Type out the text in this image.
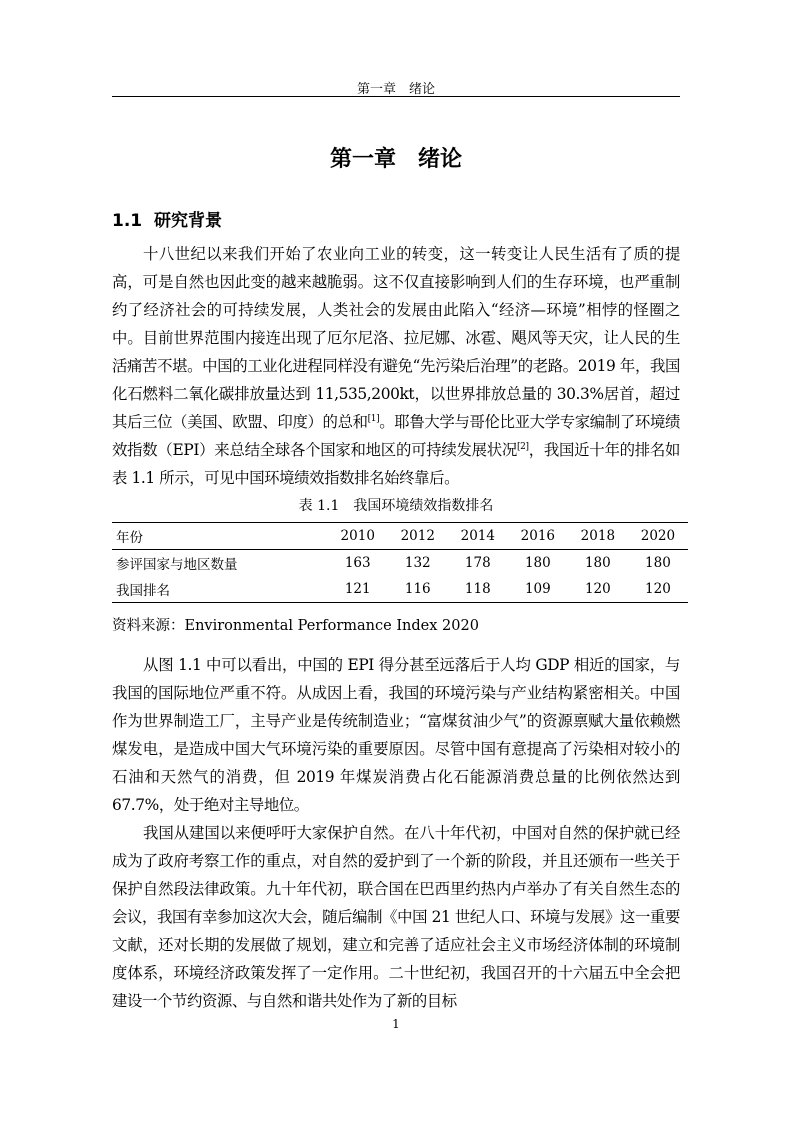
第一章　绪论
第一章　绪论
1.1 研究背景

十八世纪以来我们开始了农业向工业的转变，这一转变让人民生活有了质的提高，可是自然也因此变的越来越脆弱。这不仅直接影响到人们的生存环境，也严重制约了经济社会的可持续发展，人类社会的发展由此陷入“经济—环境”相悖的怪圈之中。目前世界范围内接连出现了厄尔尼洛、拉尼娜、冰雹、飓风等天灾，让人民的生活痛苦不堪。中国的工业化进程同样没有避免“先污染后治理”的老路。2019 年，我国化石燃料二氧化碳排放量达到 11,535,200kt，以世界排放总量的 30.3%居首，超过其后三位（美国、欧盟、印度）的总和[1]。耶鲁大学与哥伦比亚大学专家编制了环境绩效指数（EPI）来总结全球各个国家和地区的可持续发展状况[2]，我国近十年的排名如表 1.1 所示，可见中国环境绩效指数排名始终靠后。

表 1.1　我国环境绩效指数排名
年份	2010	2012	2014	2016	2018	2020
参评国家与地区数量	163	132	178	180	180	180
我国排名	121	116	118	109	120	120
资料来源：Environmental Performance Index 2020

从图 1.1 中可以看出，中国的 EPI 得分甚至远落后于人均 GDP 相近的国家，与我国的国际地位严重不符。从成因上看，我国的环境污染与产业结构紧密相关。中国作为世界制造工厂，主导产业是传统制造业；“富煤贫油少气”的资源禀赋大量依赖燃煤发电，是造成中国大气环境污染的重要原因。尽管中国有意提高了污染相对较小的石油和天然气的消费，但 2019 年煤炭消费占化石能源消费总量的比例依然达到 67.7%，处于绝对主导地位。

我国从建国以来便呼吁大家保护自然。在八十年代初，中国对自然的保护就已经成为了政府考察工作的重点，对自然的爱护到了一个新的阶段，并且还颁布一些关于保护自然段法律政策。九十年代初，联合国在巴西里约热内卢举办了有关自然生态的会议，我国有幸参加这次大会，随后编制《中国 21 世纪人口、环境与发展》这一重要文献，还对长期的发展做了规划，建立和完善了适应社会主义市场经济体制的环境制度体系，环境经济政策发挥了一定作用。二十世纪初，我国召开的十六届五中全会把建设一个节约资源、与自然和谐共处作为了新的目标

1
